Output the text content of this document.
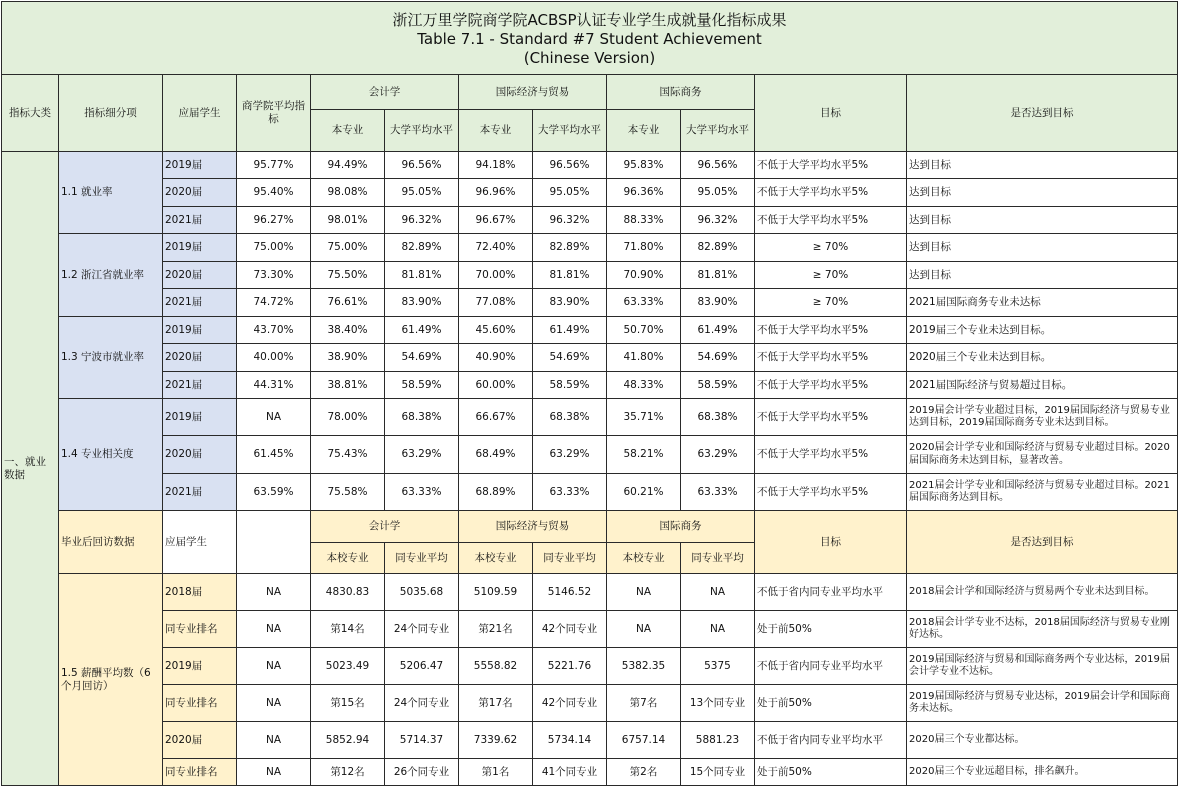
浙江万里学院商学院ACBSP认证专业学生成就量化指标成果
Table 7.1 - Standard #7 Student Achievement
(Chinese Version)											

指标大类	指标细分项	应届学生	商学院平均指标	会计学		国际经济与贸易		国际商务		目标	是否达到目标
				本专业	大学平均水平	本专业	大学平均水平	本专业	大学平均水平		
一、就业数据	1.1 就业率	2019届	95.77%	94.49%	96.56%	94.18%	96.56%	95.83%	96.56%	不低于大学平均水平5%	达到目标
		2020届	95.40%	98.08%	95.05%	96.96%	95.05%	96.36%	95.05%	不低于大学平均水平5%	达到目标
		2021届	96.27%	98.01%	96.32%	96.67%	96.32%	88.33%	96.32%	不低于大学平均水平5%	达到目标
	1.2 浙江省就业率	2019届	75.00%	75.00%	82.89%	72.40%	82.89%	71.80%	82.89%	≥ 70%	达到目标
		2020届	73.30%	75.50%	81.81%	70.00%	81.81%	70.90%	81.81%	≥ 70%	达到目标
		2021届	74.72%	76.61%	83.90%	77.08%	83.90%	63.33%	83.90%	≥ 70%	2021届国际商务专业未达标
	1.3 宁波市就业率	2019届	43.70%	38.40%	61.49%	45.60%	61.49%	50.70%	61.49%	不低于大学平均水平5%	2019届三个专业未达到目标。
		2020届	40.00%	38.90%	54.69%	40.90%	54.69%	41.80%	54.69%	不低于大学平均水平5%	2020届三个专业未达到目标。
		2021届	44.31%	38.81%	58.59%	60.00%	58.59%	48.33%	58.59%	不低于大学平均水平5%	2021届国际经济与贸易超过目标。
	1.4 专业相关度	2019届	NA	78.00%	68.38%	66.67%	68.38%	35.71%	68.38%	不低于大学平均水平5%	2019届会计学专业超过目标，2019届国际经济与贸易专业达到目标，2019届国际商务专业未达到目标。
		2020届	61.45%	75.43%	63.29%	68.49%	63.29%	58.21%	63.29%	不低于大学平均水平5%	2020届会计学专业和国际经济与贸易专业超过目标。2020届国际商务未达到目标，显著改善。
		2021届	63.59%	75.58%	63.33%	68.89%	63.33%	60.21%	63.33%	不低于大学平均水平5%	2021届会计学专业和国际经济与贸易专业超过目标。2021届国际商务达到目标。
	毕业后回访数据	应届学生		会计学		国际经济与贸易		国际商务		目标	是否达到目标
				本校专业	同专业平均	本校专业	同专业平均	本校专业	同专业平均		
	1.5 薪酬平均数（6个月回访）	2018届	NA	4830.83	5035.68	5109.59	5146.52	NA	NA	不低于省内同专业平均水平	2018届会计学和国际经济与贸易两个专业未达到目标。
		同专业排名	NA	第14名	24个同专业	第21名	42个同专业	NA	NA	处于前50%	2018届会计学专业不达标，2018届国际经济与贸易专业刚好达标。
		2019届	NA	5023.49	5206.47	5558.82	5221.76	5382.35	5375	不低于省内同专业平均水平	2019届国际经济与贸易和国际商务两个专业达标，2019届会计学专业不达标。
		同专业排名	NA	第15名	24个同专业	第17名	42个同专业	第7名	13个同专业	处于前50%	2019届国际经济与贸易专业达标，2019届会计学和国际商务未达标。
		2020届	NA	5852.94	5714.37	7339.62	5734.14	6757.14	5881.23	不低于省内同专业平均水平	2020届三个专业都达标。
		同专业排名	NA	第12名	26个同专业	第1名	41个同专业	第2名	15个同专业	处于前50%	2020届三个专业远超目标，排名飙升。
